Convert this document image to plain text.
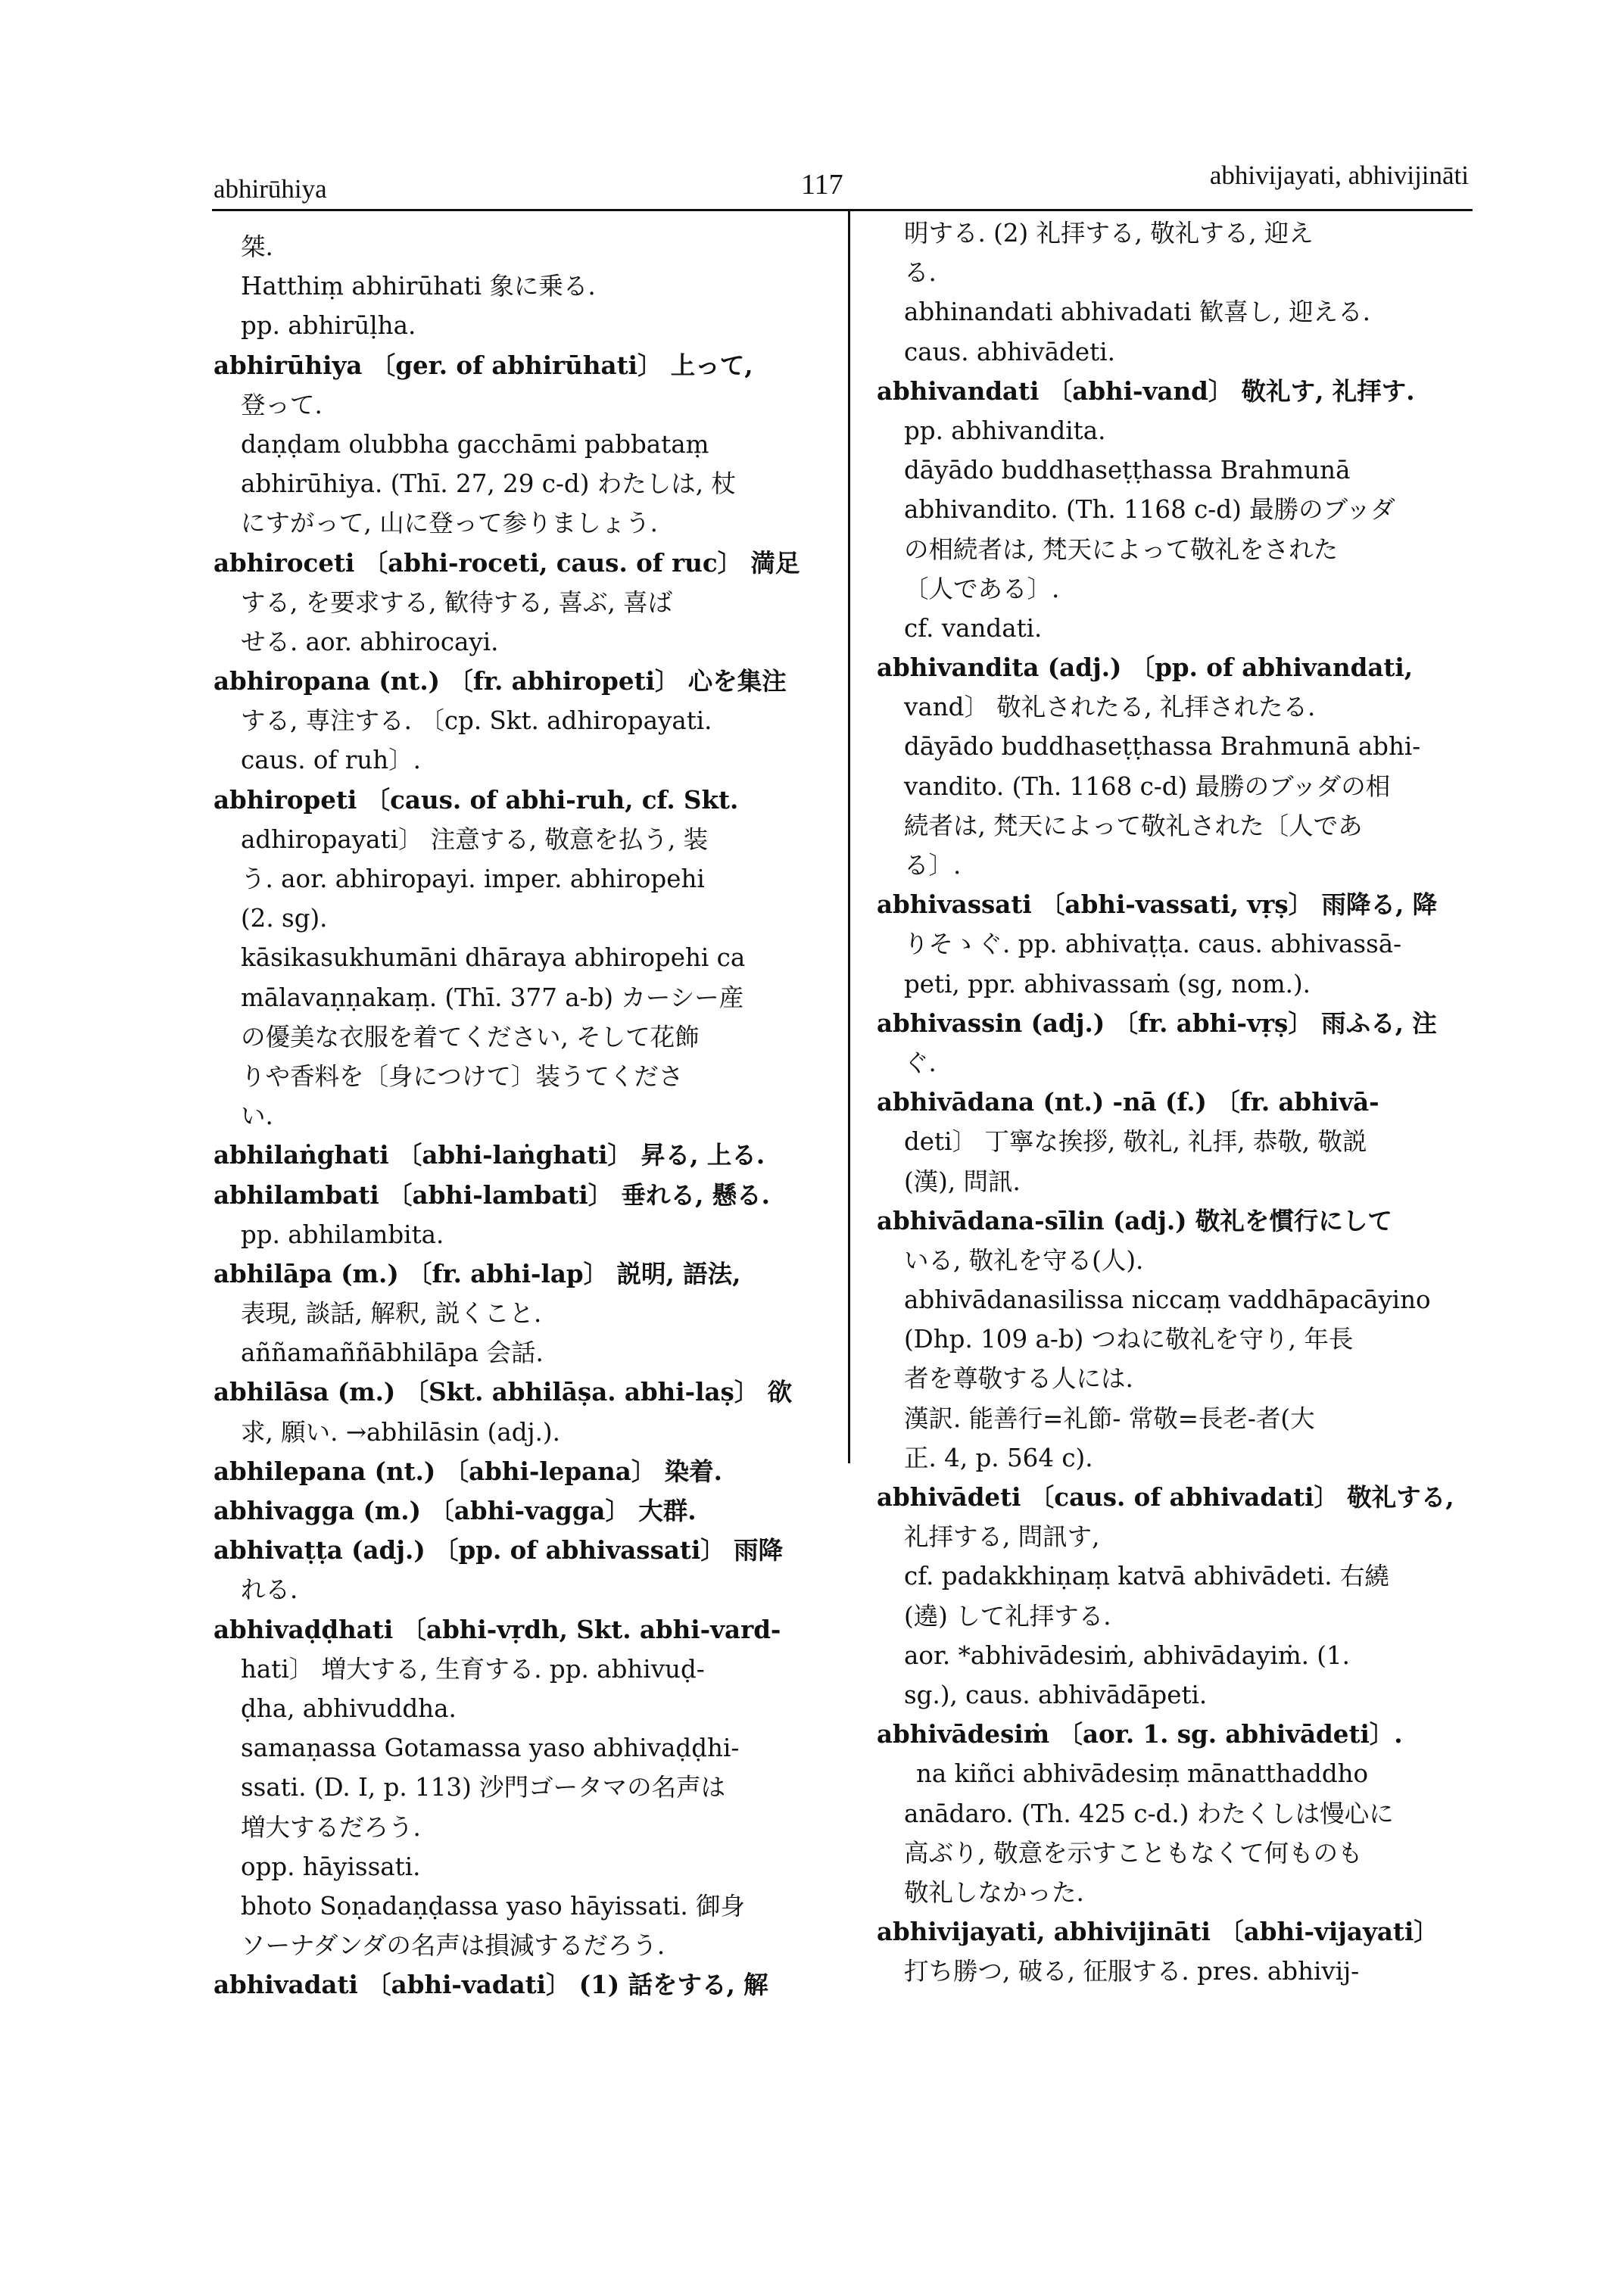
abhirūhiya	117	abhivijayati, abhivijināti
桀.
Hatthiṃ abhirūhati 象に乗る.
pp. abhirūḷha.
abhirūhiya 〔ger. of abhirūhati〕 上って,
登って.
daṇḍam olubbha gacchāmi pabbataṃ
abhirūhiya. (Thī. 27, 29 c-d) わたしは, 杖
にすがって, 山に登って参りましょう.
abhiroceti 〔abhi-roceti, caus. of ruc〕 満足
する, を要求する, 歓待する, 喜ぶ, 喜ば
せる. aor. abhirocayi.
abhiropana (nt.) 〔fr. abhiropeti〕 心を集注
する, 専注する. 〔cp. Skt. adhiropayati.
caus. of ruh〕.
abhiropeti 〔caus. of abhi-ruh, cf. Skt.
adhiropayati〕 注意する, 敬意を払う, 装
う. aor. abhiropayi. imper. abhiropehi
(2. sg).
kāsikasukhumāni dhāraya abhiropehi ca
mālavaṇṇakaṃ. (Thī. 377 a-b) カーシー産
の優美な衣服を着てください, そして花飾
りや香料を〔身につけて〕装うてくださ
い.
abhilaṅghati 〔abhi-laṅghati〕 昇る, 上る.
abhilambati 〔abhi-lambati〕 垂れる, 懸る.
pp. abhilambita.
abhilāpa (m.) 〔fr. abhi-lap〕 説明, 語法,
表現, 談話, 解釈, 説くこと.
aññamaññābhilāpa 会話.
abhilāsa (m.) 〔Skt. abhilāṣa. abhi-laṣ〕 欲
求, 願い. →abhilāsin (adj.).
abhilepana (nt.) 〔abhi-lepana〕 染着.
abhivagga (m.) 〔abhi-vagga〕 大群.
abhivaṭṭa (adj.) 〔pp. of abhivassati〕 雨降
れる.
abhivaḍḍhati 〔abhi-vṛdh, Skt. abhi-vard-
hati〕 増大する, 生育する. pp. abhivuḍ-
ḍha, abhivuddha.
samaṇassa Gotamassa yaso abhivaḍḍhi-
ssati. (D. I, p. 113) 沙門ゴータマの名声は
増大するだろう.
opp. hāyissati.
bhoto Soṇadaṇḍassa yaso hāyissati. 御身
ソーナダンダの名声は損減するだろう.
abhivadati 〔abhi-vadati〕 (1) 話をする, 解
明する. (2) 礼拝する, 敬礼する, 迎え
る.
abhinandati abhivadati 歓喜し, 迎える.
caus. abhivādeti.
abhivandati 〔abhi-vand〕 敬礼す, 礼拝す.
pp. abhivandita.
dāyādo buddhaseṭṭhassa Brahmunā
abhivandito. (Th. 1168 c-d) 最勝のブッダ
の相続者は, 梵天によって敬礼をされた
〔人である〕.
cf. vandati.
abhivandita (adj.) 〔pp. of abhivandati,
vand〕 敬礼されたる, 礼拝されたる.
dāyādo buddhaseṭṭhassa Brahmunā abhi-
vandito. (Th. 1168 c-d) 最勝のブッダの相
続者は, 梵天によって敬礼された〔人であ
る〕.
abhivassati 〔abhi-vassati, vṛṣ〕 雨降る, 降
りそゝぐ. pp. abhivaṭṭa. caus. abhivassā-
peti, ppr. abhivassaṁ (sg, nom.).
abhivassin (adj.) 〔fr. abhi-vṛṣ〕 雨ふる, 注
ぐ.
abhivādana (nt.) -nā (f.) 〔fr. abhivā-
deti〕 丁寧な挨拶, 敬礼, 礼拝, 恭敬, 敬説
(漢), 問訊.
abhivādana-sīlin (adj.) 敬礼を慣行にして
いる, 敬礼を守る(人).
abhivādanasilissa niccaṃ vaddhāpacāyino
(Dhp. 109 a-b) つねに敬礼を守り, 年長
者を尊敬する人には.
漢訳. 能善行=礼節- 常敬=長老-者(大
正. 4, p. 564 c).
abhivādeti 〔caus. of abhivadati〕 敬礼する,
礼拝する, 問訊す,
cf. padakkhiṇaṃ katvā abhivādeti. 右繞
(遶) して礼拝する.
aor. *abhivādesiṁ, abhivādayiṁ. (1.
sg.), caus. abhivādāpeti.
abhivādesiṁ 〔aor. 1. sg. abhivādeti〕.
na kiñci abhivādesiṃ mānatthaddho
anādaro. (Th. 425 c-d.) わたくしは慢心に
高ぶり, 敬意を示すこともなくて何ものも
敬礼しなかった.
abhivijayati, abhivijināti 〔abhi-vijayati〕
打ち勝つ, 破る, 征服する. pres. abhivij-
